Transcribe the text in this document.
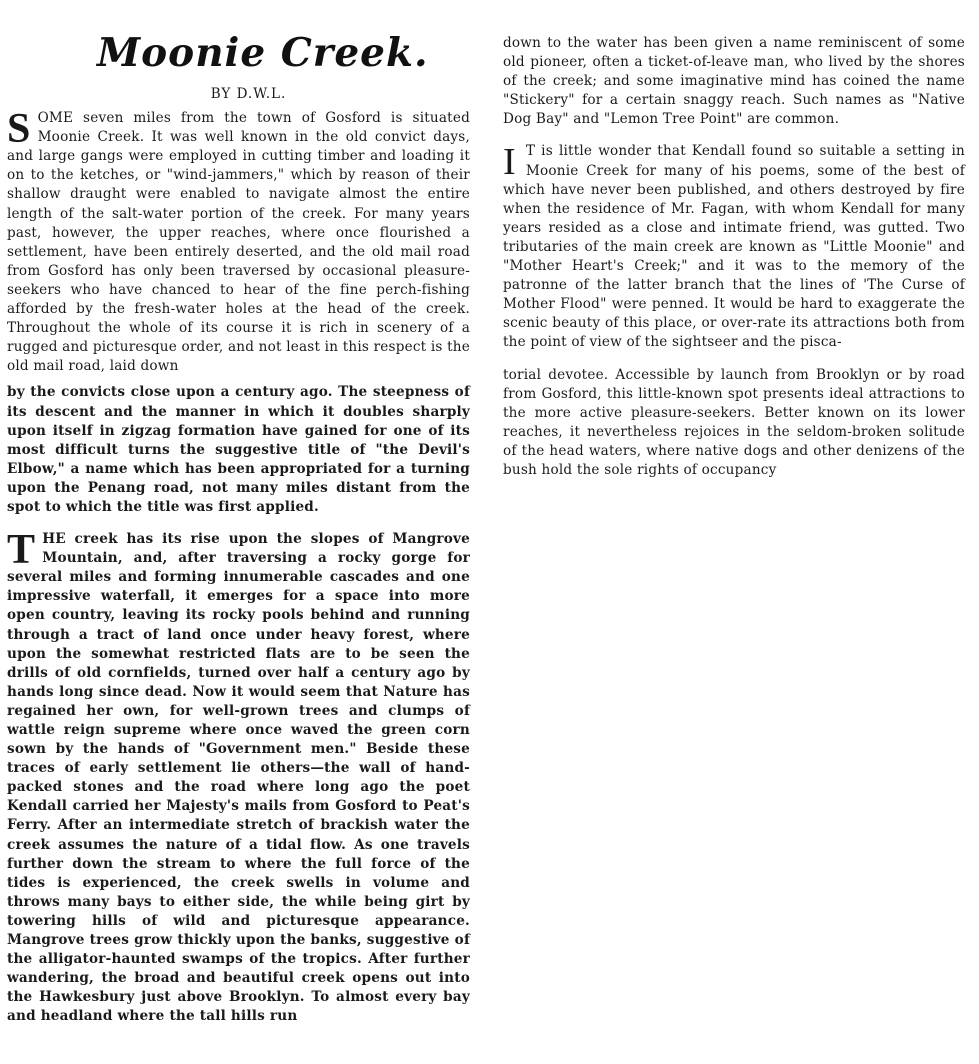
Moonie Creek.
BY D.W.L.

SOME seven miles from the town of Gosford is situated Moonie Creek. It was well known in the old convict days, and large gangs were employed in cutting timber and loading it on to the ketches, or "wind-jammers," which by reason of their shallow draught were enabled to navigate almost the entire length of the salt-water portion of the creek. For many years past, however, the upper reaches, where once flourished a settlement, have been entirely deserted, and the old mail road from Gosford has only been traversed by occasional pleasure-seekers who have chanced to hear of the fine perch-fishing afforded by the fresh-water holes at the head of the creek. Throughout the whole of its course it is rich in scenery of a rugged and picturesque order, and not least in this respect is the old mail road, laid down

by the convicts close upon a century ago. The steepness of its descent and the manner in which it doubles sharply upon itself in zigzag formation have gained for one of its most difficult turns the suggestive title of "the Devil's Elbow," a name which has been appropriated for a turning upon the Penang road, not many miles distant from the spot to which the title was first applied.

THE creek has its rise upon the slopes of Mangrove Mountain, and, after traversing a rocky gorge for several miles and forming innumerable cascades and one impressive waterfall, it emerges for a space into more open country, leaving its rocky pools behind and running through a tract of land once under heavy forest, where upon the somewhat restricted flats are to be seen the drills of old cornfields, turned over half a century ago by hands long since dead. Now it would seem that Nature has regained her own, for well-grown trees and clumps of wattle reign supreme where once waved the green corn sown by the hands of "Government men." Beside these traces of early settlement lie others—the wall of hand-packed stones and the road where long ago the poet Kendall carried her Majesty's mails from Gosford to Peat's Ferry. After an intermediate stretch of brackish water the creek assumes the nature of a tidal flow. As one travels further down the stream to where the full force of the tides is experienced, the creek swells in volume and throws many bays to either side, the while being girt by towering hills of wild and picturesque appearance. Mangrove trees grow thickly upon the banks, suggestive of the alligator-haunted swamps of the tropics. After further wandering, the broad and beautiful creek opens out into the Hawkesbury just above Brooklyn. To almost every bay and headland where the tall hills run

down to the water has been given a name reminiscent of some old pioneer, often a ticket-of-leave man, who lived by the shores of the creek; and some imaginative mind has coined the name "Stickery" for a certain snaggy reach. Such names as "Native Dog Bay" and "Lemon Tree Point" are common.

I T is little wonder that Kendall found so suitable a setting in Moonie Creek for many of his poems, some of the best of which have never been published, and others destroyed by fire when the residence of Mr. Fagan, with whom Kendall for many years resided as a close and intimate friend, was gutted. Two tributaries of the main creek are known as "Little Moonie" and "Mother Heart's Creek;" and it was to the memory of the patronne of the latter branch that the lines of 'The Curse of Mother Flood" were penned. It would be hard to exaggerate the scenic beauty of this place, or over-rate its attractions both from the point of view of the sightseer and the pisca-

torial devotee. Accessible by launch from Brooklyn or by road from Gosford, this little-known spot presents ideal attractions to the more active pleasure-seekers. Better known on its lower reaches, it nevertheless rejoices in the seldom-broken solitude of the head waters, where native dogs and other denizens of the bush hold the sole rights of occupancy
